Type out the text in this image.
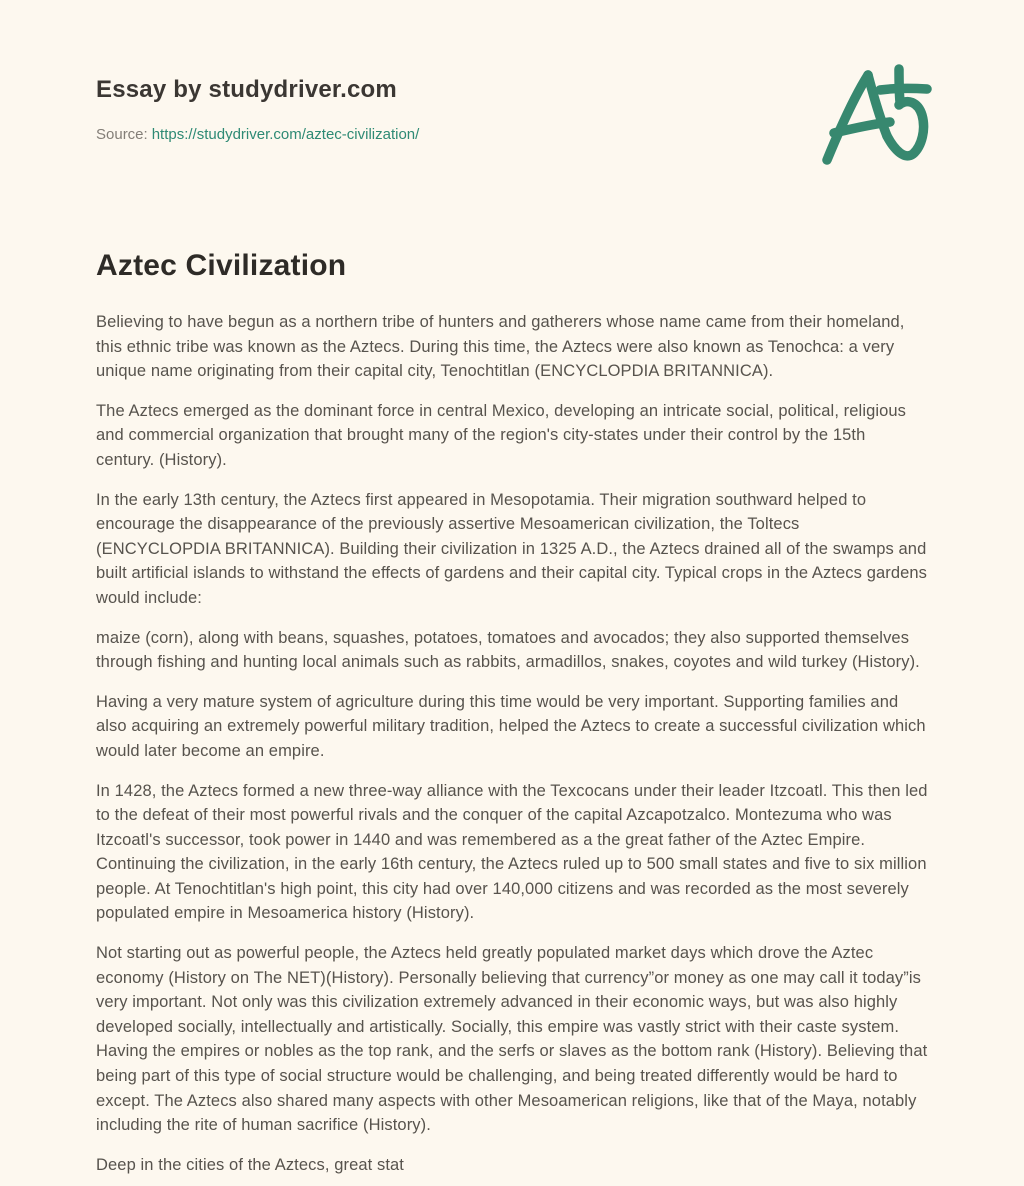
Essay by studydriver.com

Source: https://studydriver.com/aztec-civilization/

Aztec Civilization

Believing to have begun as a northern tribe of hunters and gatherers whose name came from their homeland, this ethnic tribe was known as the Aztecs. During this time, the Aztecs were also known as Tenochca: a very unique name originating from their capital city, Tenochtitlan (ENCYCLOPDIA BRITANNICA).

The Aztecs emerged as the dominant force in central Mexico, developing an intricate social, political, religious and commercial organization that brought many of the region's city-states under their control by the 15th century. (History).

In the early 13th century, the Aztecs first appeared in Mesopotamia. Their migration southward helped to encourage the disappearance of the previously assertive Mesoamerican civilization, the Toltecs (ENCYCLOPDIA BRITANNICA). Building their civilization in 1325 A.D., the Aztecs drained all of the swamps and built artificial islands to withstand the effects of gardens and their capital city. Typical crops in the Aztecs gardens would include:

maize (corn), along with beans, squashes, potatoes, tomatoes and avocados; they also supported themselves through fishing and hunting local animals such as rabbits, armadillos, snakes, coyotes and wild turkey (History).

Having a very mature system of agriculture during this time would be very important. Supporting families and also acquiring an extremely powerful military tradition, helped the Aztecs to create a successful civilization which would later become an empire.

In 1428, the Aztecs formed a new three-way alliance with the Texcocans under their leader Itzcoatl. This then led to the defeat of their most powerful rivals and the conquer of the capital Azcapotzalco. Montezuma who was Itzcoatl's successor, took power in 1440 and was remembered as a the great father of the Aztec Empire. Continuing the civilization, in the early 16th century, the Aztecs ruled up to 500 small states and five to six million people. At Tenochtitlan's high point, this city had over 140,000 citizens and was recorded as the most severely populated empire in Mesoamerica history (History).

Not starting out as powerful people, the Aztecs held greatly populated market days which drove the Aztec economy (History on The NET)(History). Personally believing that currency”or money as one may call it today”is very important. Not only was this civilization extremely advanced in their economic ways, but was also highly developed socially, intellectually and artistically. Socially, this empire was vastly strict with their caste system. Having the empires or nobles as the top rank, and the serfs or slaves as the bottom rank (History). Believing that being part of this type of social structure would be challenging, and being treated differently would be hard to except. The Aztecs also shared many aspects with other Mesoamerican religions, like that of the Maya, notably including the rite of human sacrifice (History).

Deep in the cities of the Aztecs, great stat
